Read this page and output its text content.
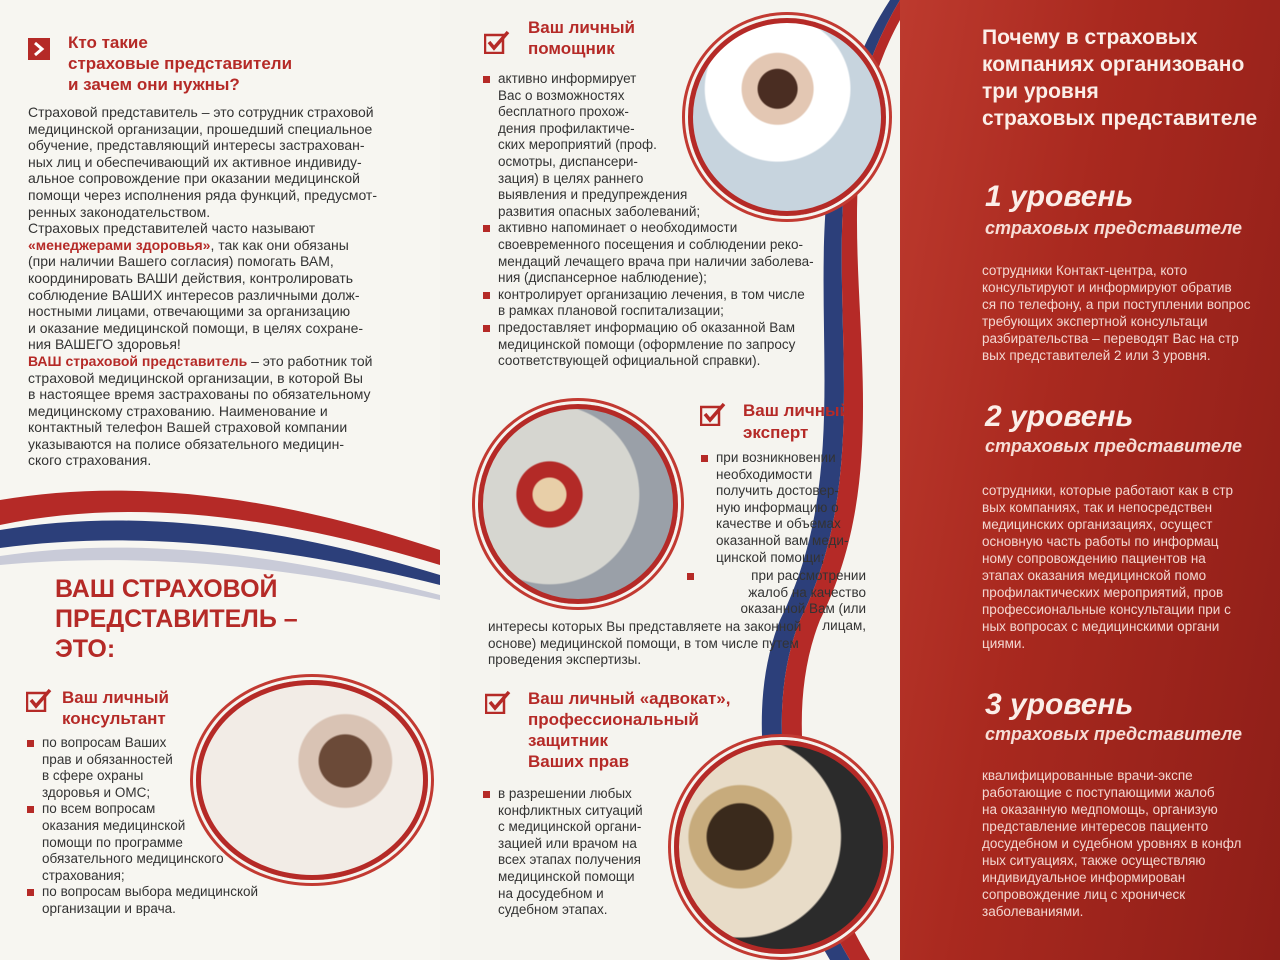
Кто такие
страховые представители
и зачем они нужны?
Страховой представитель – это сотрудник страховой
медицинской организации, прошедший специальное
обучение, представляющий интересы застрахован-
ных лиц и обеспечивающий их активное индивиду-
альное сопровождение при оказании медицинской
помощи через исполнения ряда функций, предусмот-
ренных законодательством.
Страховых представителей часто называют
«менеджерами здоровья», так как они обязаны
(при наличии Вашего согласия) помогать ВАМ,
координировать ВАШИ действия, контролировать
соблюдение ВАШИХ интересов различными долж-
ностными лицами, отвечающими за организацию
и оказание медицинской помощи, в целях сохране-
ния ВАШЕГО здоровья!
ВАШ страховой представитель – это работник той
страховой медицинской организации, в которой Вы
в настоящее время застрахованы по обязательному
медицинскому страхованию. Наименование и
контактный телефон Вашей страховой компании
указываются на полисе обязательного медицин-
ского страхования.
ВАШ СТРАХОВОЙ
ПРЕДСТАВИТЕЛЬ –
ЭТО:
Ваш личный
консультант
по вопросам Ваших
прав и обязанностей
в сфере охраны
здоровья и ОМС;
по всем вопросам
оказания медицинской
помощи по программе
обязательного медицинского
страхования;
по вопросам выбора медицинской
организации и врача.
Ваш личный
помощник
активно информирует
Вас о возможностях
бесплатного прохож-
дения профилактиче-
ских мероприятий (проф.
осмотры, диспансери-
зация) в целях раннего
выявления и предупреждения
развития опасных заболеваний;
активно напоминает о необходимости
своевременного посещения и соблюдении реко-
мендаций лечащего врача при наличии заболева-
ния (диспансерное наблюдение);
контролирует организацию лечения, в том числе
в рамках плановой госпитализации;
предоставляет информацию об оказанной Вам
медицинской помощи (оформление по запросу
соответствующей официальной справки).
Ваш личный
эксперт
при возникновении
необходимости
получить достовер-
ную информацию о
качестве и объемах
оказанной вам меди-
цинской помощи;
при рассмотрении
жалоб на качество
оказанной Вам (или лицам,
интересы которых Вы представляете на законной
основе) медицинской помощи, в том числе путем
проведения экспертизы.
Ваш личный «адвокат»,
профессиональный
защитник
Ваших прав
в разрешении любых
конфликтных ситуаций
с медицинской органи-
зацией или врачом на
всех этапах получения
медицинской помощи
на досудебном и
судебном этапах.
Почему в страховых
компаниях организовано
три уровня
страховых представителе
1 уровень
страховых представителе
сотрудники Контакт-центра, кото
консультируют и информируют обратив
ся по телефону, а при поступлении вопрос
требующих экспертной консультаци
разбирательства – переводят Вас на стр
вых представителей 2 или 3 уровня.
2 уровень
страховых представителе
сотрудники, которые работают как в стр
вых компаниях, так и непосредствен
медицинских организациях, осущест
основную часть работы по информац
ному сопровождению пациентов на
этапах оказания медицинской помо
профилактических мероприятий, пров
профессиональные консультации при с
ных вопросах с медицинскими органи
циями.
3 уровень
страховых представителе
квалифицированные врачи-экспе
работающие с поступающими жалоб
на оказанную медпомощь, организую
представление интересов пациенто
досудебном и судебном уровнях в конфл
ных ситуациях, также осуществляю
индивидуальное информирован
сопровождение лиц с хроническ
заболеваниями.
